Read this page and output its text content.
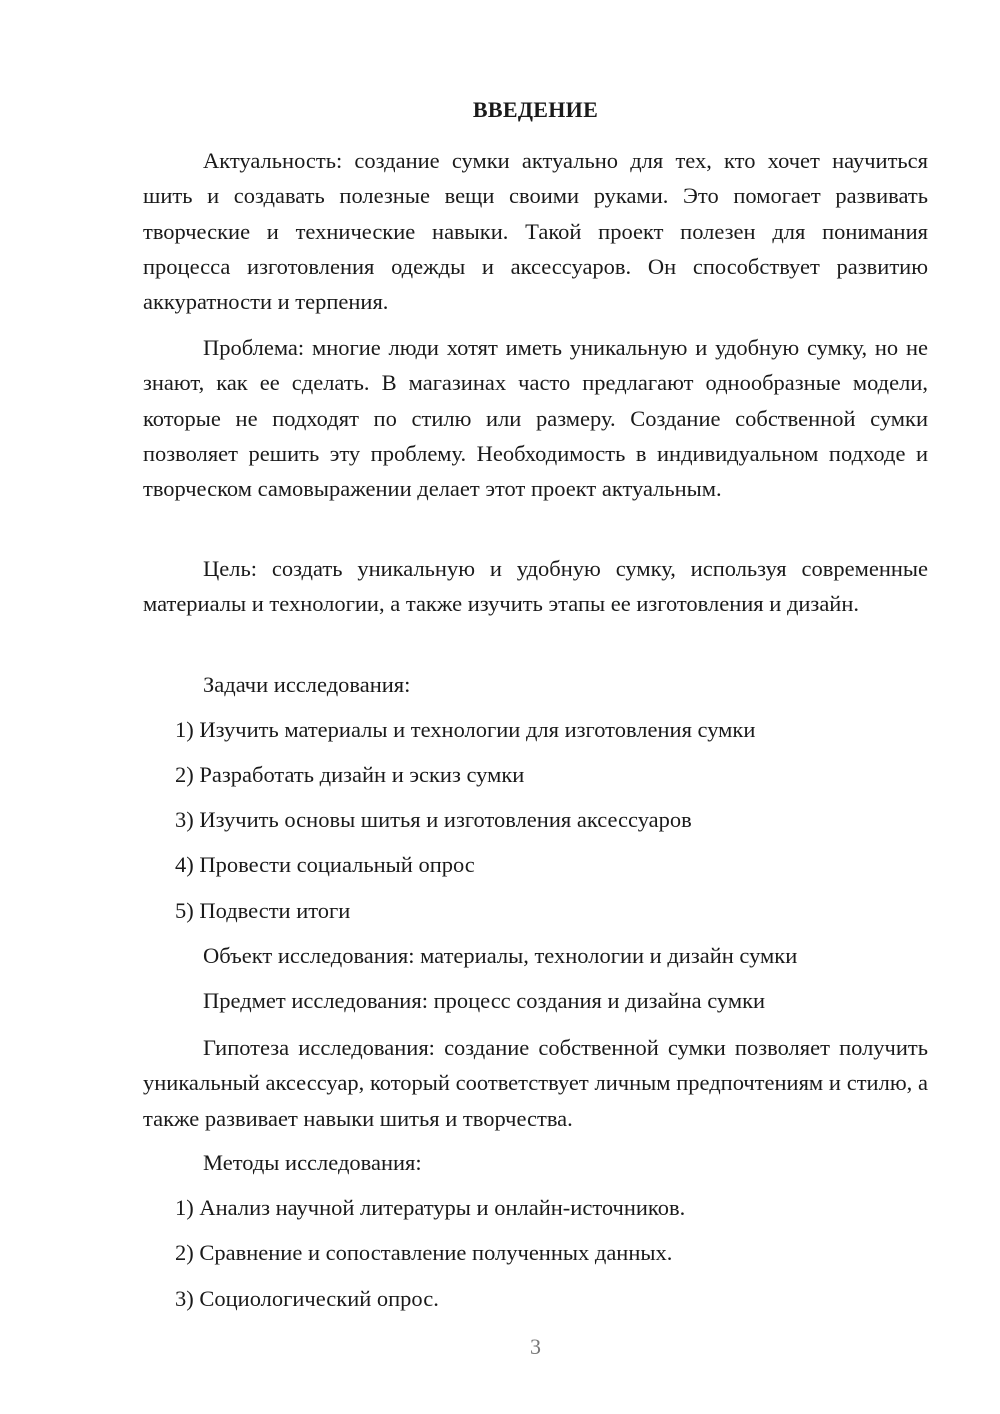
ВВЕДЕНИЕ

Актуальность: создание сумки актуально для тех, кто хочет научиться шить и создавать полезные вещи своими руками. Это помогает развивать творческие и технические навыки. Такой проект полезен для понимания процесса изготовления одежды и аксессуаров. Он способствует развитию аккуратности и терпения.

Проблема: многие люди хотят иметь уникальную и удобную сумку, но не знают, как ее сделать. В магазинах часто предлагают однообразные модели, которые не подходят по стилю или размеру. Создание собственной сумки позволяет решить эту проблему. Необходимость в индивидуальном подходе и творческом самовыражении делает этот проект актуальным.

Цель: создать уникальную и удобную сумку, используя современные материалы и технологии, а также изучить этапы ее изготовления и дизайн.

Задачи исследования:
1) Изучить материалы и технологии для изготовления сумки
2) Разработать дизайн и эскиз сумки
3) Изучить основы шитья и изготовления аксессуаров
4) Провести социальный опрос
5) Подвести итоги
Объект исследования: материалы, технологии и дизайн сумки
Предмет исследования: процесс создания и дизайна сумки

Гипотеза исследования: создание собственной сумки позволяет получить уникальный аксессуар, который соответствует личным предпочтениям и стилю, а также развивает навыки шитья и творчества.

Методы исследования:
1) Анализ научной литературы и онлайн-источников.
2) Сравнение и сопоставление полученных данных.
3) Социологический опрос.
3
